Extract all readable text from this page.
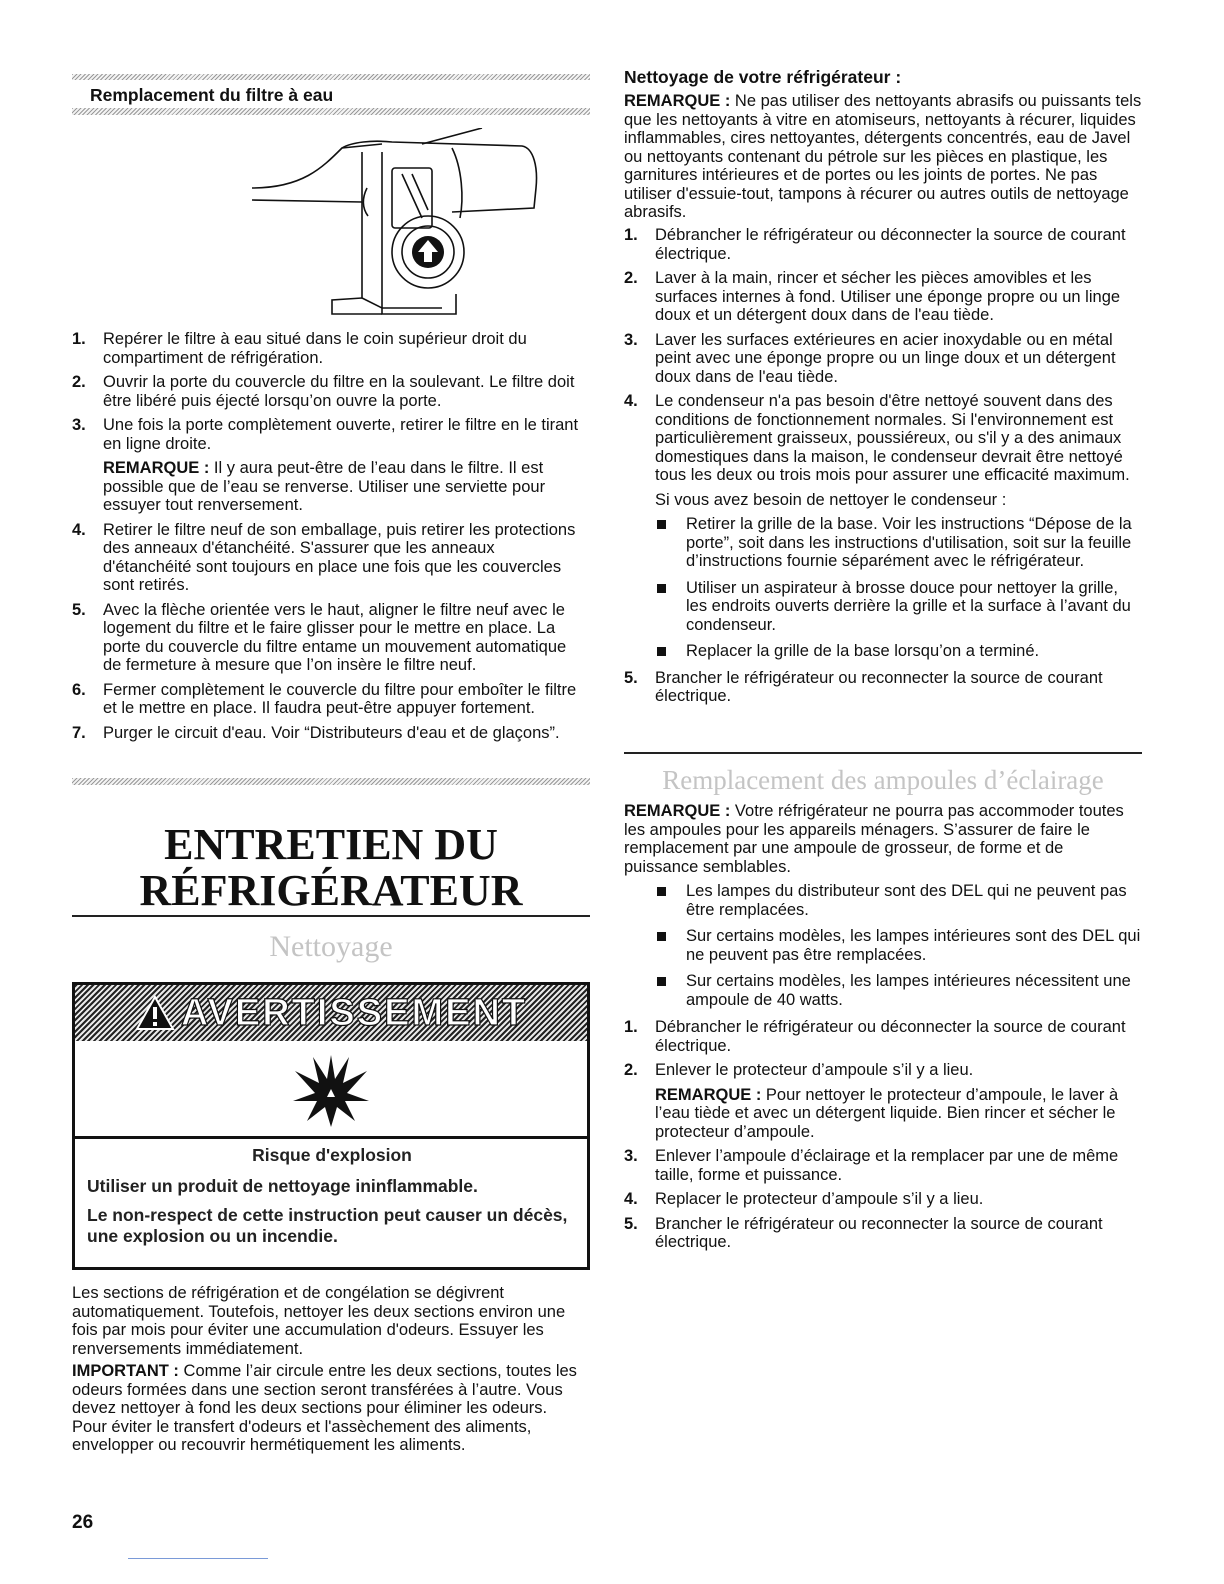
Remplacement du filtre à eau
1. Repérer le filtre à eau situé dans le coin supérieur droit du compartiment de réfrigération.
2. Ouvrir la porte du couvercle du filtre en la soulevant. Le filtre doit être libéré puis éjecté lorsqu’on ouvre la porte.
3. Une fois la porte complètement ouverte, retirer le filtre en le tirant en ligne droite.

REMARQUE : Il y aura peut-être de l’eau dans le filtre. Il est possible que de l’eau se renverse. Utiliser une serviette pour essuyer tout renversement.

4. Retirer le filtre neuf de son emballage, puis retirer les protections des anneaux d'étanchéité. S'assurer que les anneaux d'étanchéité sont toujours en place une fois que les couvercles sont retirés.
5. Avec la flèche orientée vers le haut, aligner le filtre neuf avec le logement du filtre et le faire glisser pour le mettre en place. La porte du couvercle du filtre entame un mouvement automatique de fermeture à mesure que l’on insère le filtre neuf.
6. Fermer complètement le couvercle du filtre pour emboîter le filtre et le mettre en place. Il faudra peut-être appuyer fortement.
7. Purger le circuit d'eau. Voir “Distributeurs d'eau et de glaçons”.
ENTRETIEN DU
RÉFRIGÉRATEUR
Nettoyage
AVERTISSEMENT

Risque d'explosion

Utiliser un produit de nettoyage ininflammable.

Le non-respect de cette instruction peut causer un décès, une explosion ou un incendie.

Les sections de réfrigération et de congélation se dégivrent automatiquement. Toutefois, nettoyer les deux sections environ une fois par mois pour éviter une accumulation d'odeurs. Essuyer les renversements immédiatement.

IMPORTANT : Comme l’air circule entre les deux sections, toutes les odeurs formées dans une section seront transférées à l’autre. Vous devez nettoyer à fond les deux sections pour éliminer les odeurs. Pour éviter le transfert d'odeurs et l'assèchement des aliments, envelopper ou recouvrir hermétiquement les aliments.

26
Nettoyage de votre réfrigérateur :

REMARQUE : Ne pas utiliser des nettoyants abrasifs ou puissants tels que les nettoyants à vitre en atomiseurs, nettoyants à récurer, liquides inflammables, cires nettoyantes, détergents concentrés, eau de Javel ou nettoyants contenant du pétrole sur les pièces en plastique, les garnitures intérieures et de portes ou les joints de portes. Ne pas utiliser d'essuie-tout, tampons à récurer ou autres outils de nettoyage abrasifs.

1. Débrancher le réfrigérateur ou déconnecter la source de courant électrique.
2. Laver à la main, rincer et sécher les pièces amovibles et les surfaces internes à fond. Utiliser une éponge propre ou un linge doux et un détergent doux dans de l'eau tiède.
3. Laver les surfaces extérieures en acier inoxydable ou en métal peint avec une éponge propre ou un linge doux et un détergent doux dans de l'eau tiède.
4. Le condenseur n'a pas besoin d'être nettoyé souvent dans des conditions de fonctionnement normales. Si l'environnement est particulièrement graisseux, poussiéreux, ou s'il y a des animaux domestiques dans la maison, le condenseur devrait être nettoyé tous les deux ou trois mois pour assurer une efficacité maximum.

Si vous avez besoin de nettoyer le condenseur :

Retirer la grille de la base. Voir les instructions “Dépose de la porte”, soit dans les instructions d'utilisation, soit sur la feuille d’instructions fournie séparément avec le réfrigérateur.
Utiliser un aspirateur à brosse douce pour nettoyer la grille, les endroits ouverts derrière la grille et la surface à l’avant du condenseur.
Replacer la grille de la base lorsqu’on a terminé.
5. Brancher le réfrigérateur ou reconnecter la source de courant électrique.
Remplacement des ampoules d’éclairage

REMARQUE : Votre réfrigérateur ne pourra pas accommoder toutes les ampoules pour les appareils ménagers. S’assurer de faire le remplacement par une ampoule de grosseur, de forme et de puissance semblables.

Les lampes du distributeur sont des DEL qui ne peuvent pas être remplacées.
Sur certains modèles, les lampes intérieures sont des DEL qui ne peuvent pas être remplacées.
Sur certains modèles, les lampes intérieures nécessitent une ampoule de 40 watts.
1. Débrancher le réfrigérateur ou déconnecter la source de courant électrique.
2. Enlever le protecteur d’ampoule s’il y a lieu.

REMARQUE : Pour nettoyer le protecteur d’ampoule, le laver à l’eau tiède et avec un détergent liquide. Bien rincer et sécher le protecteur d’ampoule.

3. Enlever l’ampoule d’éclairage et la remplacer par une de même taille, forme et puissance.
4. Replacer le protecteur d’ampoule s’il y a lieu.
5. Brancher le réfrigérateur ou reconnecter la source de courant électrique.
